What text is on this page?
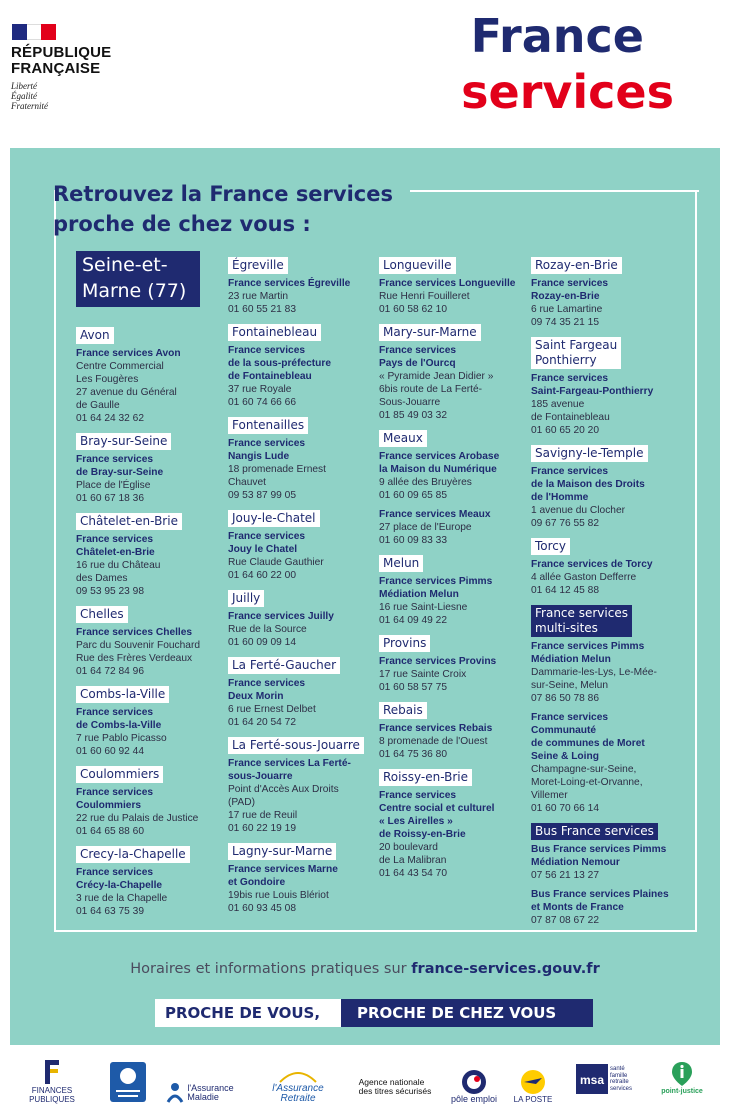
RÉPUBLIQUE
FRANÇAISE
Liberté
Égalité
Fraternité
France
services
Retrouvez la France services
proche de chez vous :
Seine-et-
Marne (77)
Avon
France services Avon
Centre Commercial
Les Fougères
27 avenue du Général
de Gaulle
01 64 24 32 62
Bray-sur-Seine
France services
de Bray-sur-Seine
Place de l'Église
01 60 67 18 36
Châtelet-en-Brie
France services
Châtelet-en-Brie
16 rue du Château
des Dames
09 53 95 23 98
Chelles
France services Chelles
Parc du Souvenir Fouchard
Rue des Frères Verdeaux
01 64 72 84 96
Combs-la-Ville
France services
de Combs-la-Ville
7 rue Pablo Picasso
01 60 60 92 44
Coulommiers
France services
Coulommiers
22 rue du Palais de Justice
01 64 65 88 60
Crecy-la-Chapelle
France services
Crécy-la-Chapelle
3 rue de la Chapelle
01 64 63 75 39
Égreville
France services Égreville
23 rue Martin
01 60 55 21 83
Fontainebleau
France services
de la sous-préfecture
de Fontainebleau
37 rue Royale
01 60 74 66 66
Fontenailles
France services
Nangis Lude
18 promenade Ernest
Chauvet
09 53 87 99 05
Jouy-le-Chatel
France services
Jouy le Chatel
Rue Claude Gauthier
01 64 60 22 00
Juilly
France services Juilly
Rue de la Source
01 60 09 09 14
La Ferté-Gaucher
France services
Deux Morin
6 rue Ernest Delbet
01 64 20 54 72
La Ferté-sous-Jouarre
France services La Ferté-
sous-Jouarre
Point d'Accès Aux Droits
(PAD)
17 rue de Reuil
01 60 22 19 19
Lagny-sur-Marne
France services Marne
et Gondoire
19bis rue Louis Blériot
01 60 93 45 08
Longueville
France services Longueville
Rue Henri Fouilleret
01 60 58 62 10
Mary-sur-Marne
France services
Pays de l'Ourcq
« Pyramide Jean Didier »
6bis route de La Ferté-
Sous-Jouarre
01 85 49 03 32
Meaux
France services Arobase
la Maison du Numérique
9 allée des Bruyères
01 60 09 65 85
France services Meaux
27 place de l'Europe
01 60 09 83 33
Melun
France services Pimms
Médiation Melun
16 rue Saint-Liesne
01 64 09 49 22
Provins
France services Provins
17 rue Sainte Croix
01 60 58 57 75
Rebais
France services Rebais
8 promenade de l'Ouest
01 64 75 36 80
Roissy-en-Brie
France services
Centre social et culturel
« Les Airelles »
de Roissy-en-Brie
20 boulevard
de La Malibran
01 64 43 54 70
Rozay-en-Brie
France services
Rozay-en-Brie
6 rue Lamartine
09 74 35 21 15
Saint Fargeau
Ponthierry
France services
Saint-Fargeau-Ponthierry
185 avenue
de Fontainebleau
01 60 65 20 20
Savigny-le-Temple
France services
de la Maison des Droits
de l'Homme
1 avenue du Clocher
09 67 76 55 82
Torcy
France services de Torcy
4 allée Gaston Defferre
01 64 12 45 88
France services
multi-sites
France services Pimms
Médiation Melun
Dammarie-les-Lys, Le-Mée-
sur-Seine, Melun
07 86 50 78 86
France services
Communauté
de communes de Moret
Seine & Loing
Champagne-sur-Seine,
Moret-Loing-et-Orvanne,
Villemer
01 60 70 66 14
Bus France services
Bus France services Pimms
Médiation Nemour
07 56 21 13 27
Bus France services Plaines
et Monts de France
07 87 08 67 22
Horaires et informations pratiques sur france-services.gouv.fr
PROCHE DE VOUS,	PROCHE DE CHEZ VOUS
FINANCES PUBLIQUES
l'Assurance
Maladie
l'Assurance
Retraite
Agence nationale
des titres sécurisés
pôle emploi LA POSTE
msa
santé
famille
retraite
services	point-justice
